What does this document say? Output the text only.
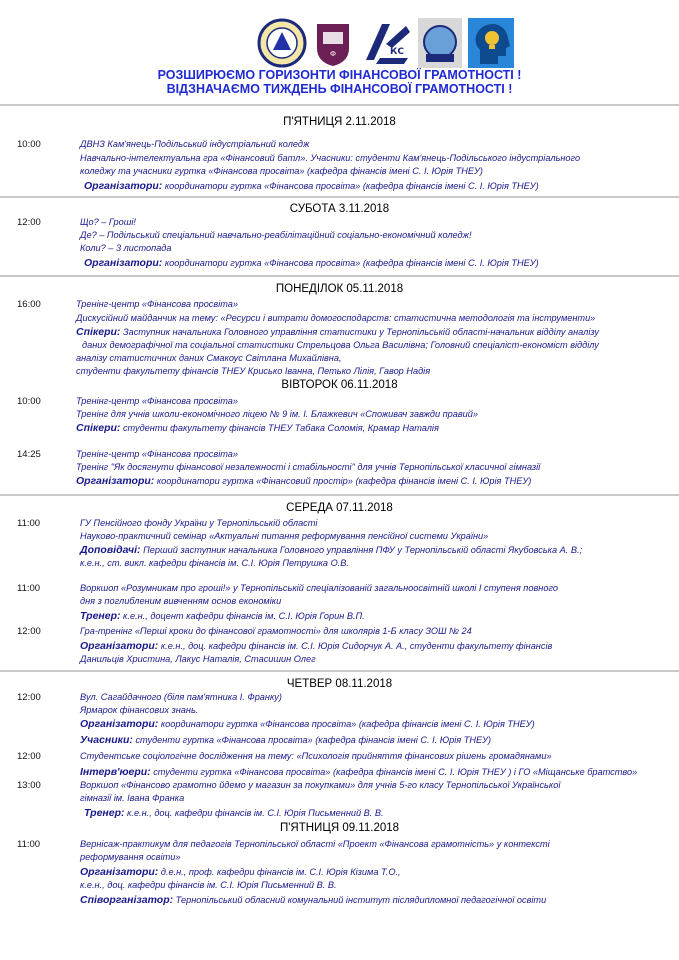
Ф	КС
РОЗШИРЮЄМО ГОРИЗОНТИ ФІНАНСОВОЇ ГРАМОТНОСТІ !
ВІДЗНАЧАЄМО ТИЖДЕНЬ ФІНАНСОВОЇ ГРАМОТНОСТІ !
П'ЯТНИЦЯ 2.11.2018
10:00	ДВНЗ Кам'янець-Подільський індустріальний коледж
Навчально-інтелектуальна гра «Фінансовий батл». Учасники: студенти Кам'янець-Подільського індустріального
коледжу та учасники гуртка «Фінансова просвіта» (кафедра фінансів імені С. І. Юрія ТНЕУ)
Організатори: координатори гуртка «Фінансова просвіта» (кафедра фінансів імені С. І. Юрія ТНЕУ)
СУБОТА 3.11.2018
12:00	Що? – Гроші!
Де? – Подільський спеціальний навчально-реабілітаційний соціально-економічний коледж!
Коли? – 3 листопада
Організатори: координатори гуртка «Фінансова просвіта» (кафедра фінансів імені С. І. Юрія ТНЕУ)
ПОНЕДІЛОК 05.11.2018
16:00	Тренінг-центр «Фінансова просвіта»
Дискусійний майданчик на тему: «Ресурси і витрати домогосподарств: статистична методологія та інструменти»
Спікери: Заступник начальника Головного управління статистики у Тернопільській області-начальник відділу аналізу
даних демографічної та соціальної статистики Стрельцова Ольга Василівна; Головний спеціаліст-економіст відділу
аналізу статистичних даних Смакоус Світлана Михайлівна,
студенти факультету фінансів ТНЕУ Крисько Іванна, Петько Лілія, Гавор Надія
ВІВТОРОК 06.11.2018
10:00	Тренінг-центр «Фінансова просвіта»
Тренінг для учнів школи-економічного ліцею № 9 ім. І. Блажкевич «Споживач завжди правий»
Спікери: студенти факультету фінансів ТНЕУ Табака Соломія, Крамар Наталія
14:25	Тренінг-центр «Фінансова просвіта»
Тренінг "Як досягнути фінансової незалежності і стабільності" для учнів Тернопільської класичної гімназії
Організатори: координатори гуртка «Фінансовий простір» (кафедра фінансів імені С. І. Юрія ТНЕУ)
СЕРЕДА 07.11.2018
11:00	ГУ Пенсійного фонду України у Тернопільській області
Науково-практичний семінар «Актуальні питання реформування пенсійної системи України»
Доповідачі: Перший заступник начальника Головного управління ПФУ у Тернопільській області Якубовська А. В.;
к.е.н., ст. викл. кафедри фінансів ім. С.І. Юрія Петрушка О.В.
11:00	Воркшоп «Розумникам про гроші!» у Тернопільській спеціалізованій загальноосвітній школі І ступеня повного
дня з поглибленим вивченням основ економіки
Тренер: к.е.н., доцент кафедри фінансів ім. С.І. Юрія Горин В.П.
12:00	Гра-тренінг «Перші кроки до фінансової грамотності» для школярів 1-Б класу ЗОШ № 24
Організатори: к.е.н., доц. кафедри фінансів ім. С.І. Юрія Сидорчук А. А., студенти факультету фінансів
Данильців Христина, Лакус Наталія, Стасишин Олег
ЧЕТВЕР 08.11.2018
12:00	Вул. Сагайдачного (біля пам'ятника І. Франку)
Ярмарок фінансових знань.
Організатори: координатори гуртка «Фінансова просвіта» (кафедра фінансів імені С. І. Юрія ТНЕУ)
Учасники: студенти гуртка «Фінансова просвіта» (кафедра фінансів імені С. І. Юрія ТНЕУ)
12:00	Студентське соціологічне дослідження на тему: «Психологія прийняття фінансових рішень громадянами»
Інтерв'юери: студенти гуртка «Фінансова просвіта» (кафедра фінансів імені С. І. Юрія ТНЕУ ) і ГО «Міщанське братство»
13:00	Воркшоп «Фінансово грамотно йдемо у магазин за покупками» для учнів 5-го класу Тернопільської Української
гімназії ім. Івана Франка
Тренер: к.е.н., доц. кафедри фінансів ім. С.І. Юрія Письменний В. В.
П'ЯТНИЦЯ 09.11.2018
11:00	Вернісаж-практикум для педагогів Тернопільської області «Проект «Фінансова грамотність» у контексті
реформування освіти»
Організатори: д.е.н., проф. кафедри фінансів ім. С.І. Юрія Кізима Т.О.,
к.е.н., доц. кафедри фінансів ім. С.І. Юрія Письменний В. В.
Співорганізатор: Тернопільський обласний комунальний інститут післядипломної педагогічної освіти
